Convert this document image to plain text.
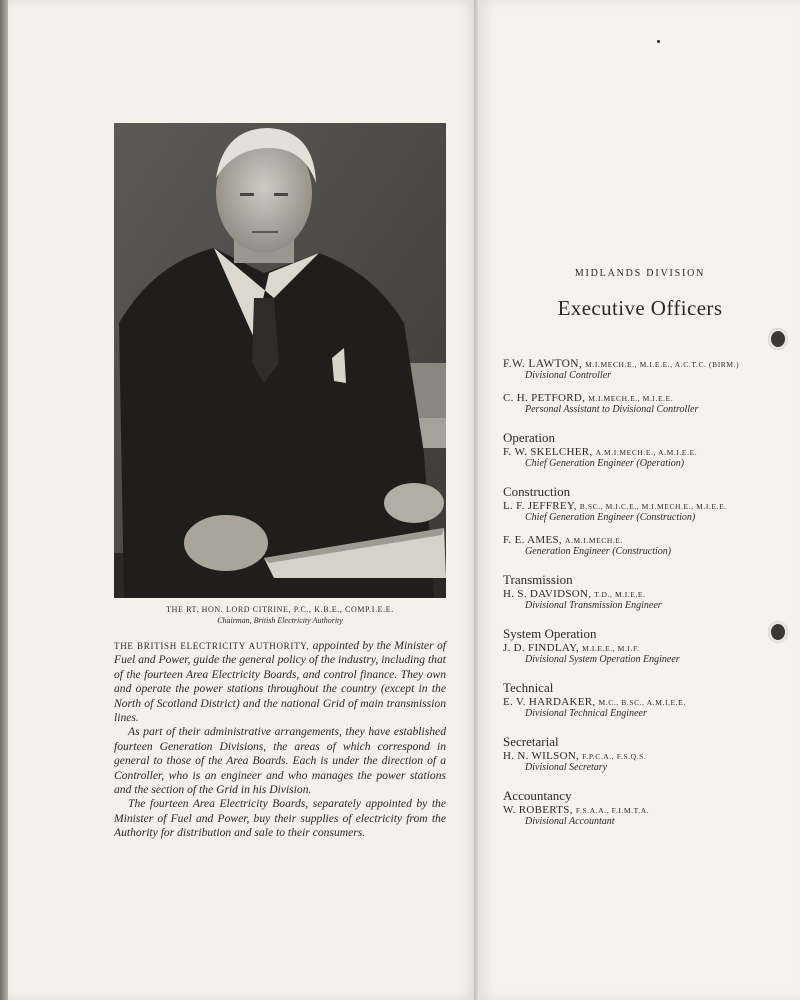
THE RT. HON. LORD CITRINE, P.C., K.B.E., COMP.I.E.E.
Chairman, British Electricity Authority

THE BRITISH ELECTRICITY AUTHORITY, appointed by the Minister of Fuel and Power, guide the general policy of the industry, including that of the fourteen Area Electricity Boards, and control finance. They own and operate the power stations throughout the country (except in the North of Scotland District) and the national Grid of main transmission lines.

As part of their administrative arrangements, they have established fourteen Generation Divisions, the areas of which correspond in general to those of the Area Boards. Each is under the direction of a Controller, who is an engineer and who manages the power stations and the section of the Grid in his Division.

The fourteen Area Electricity Boards, separately appointed by the Minister of Fuel and Power, buy their supplies of electricity from the Authority for distribution and sale to their consumers.

MIDLANDS DIVISION
Executive Officers
F.W. LAWTON, M.I.MECH.E., M.I.E.E., A.C.T.C. (BIRM.)
Divisional Controller
C. H. PETFORD, M.I.MECH.E., M.I.E.E.
Personal Assistant to Divisional Controller
Operation
F. W. SKELCHER, A.M.I.MECH.E., A.M.I.E.E.
Chief Generation Engineer (Operation)
Construction
L. F. JEFFREY, B.SC., M.I.C.E., M.I.MECH.E., M.I.E.E.
Chief Generation Engineer (Construction)
F. E. AMES, A.M.I.MECH.E.
Generation Engineer (Construction)
Transmission
H. S. DAVIDSON, T.D., M.I.E.E.
Divisional Transmission Engineer
System Operation
J. D. FINDLAY, M.I.E.E., M.I.F.
Divisional System Operation Engineer
Technical
E. V. HARDAKER, M.C., B.SC., A.M.I.E.E.
Divisional Technical Engineer
Secretarial
H. N. WILSON, F.P.C.A., F.S.Q.S.
Divisional Secretary
Accountancy
W. ROBERTS, F.S.A.A., F.I.M.T.A.
Divisional Accountant
